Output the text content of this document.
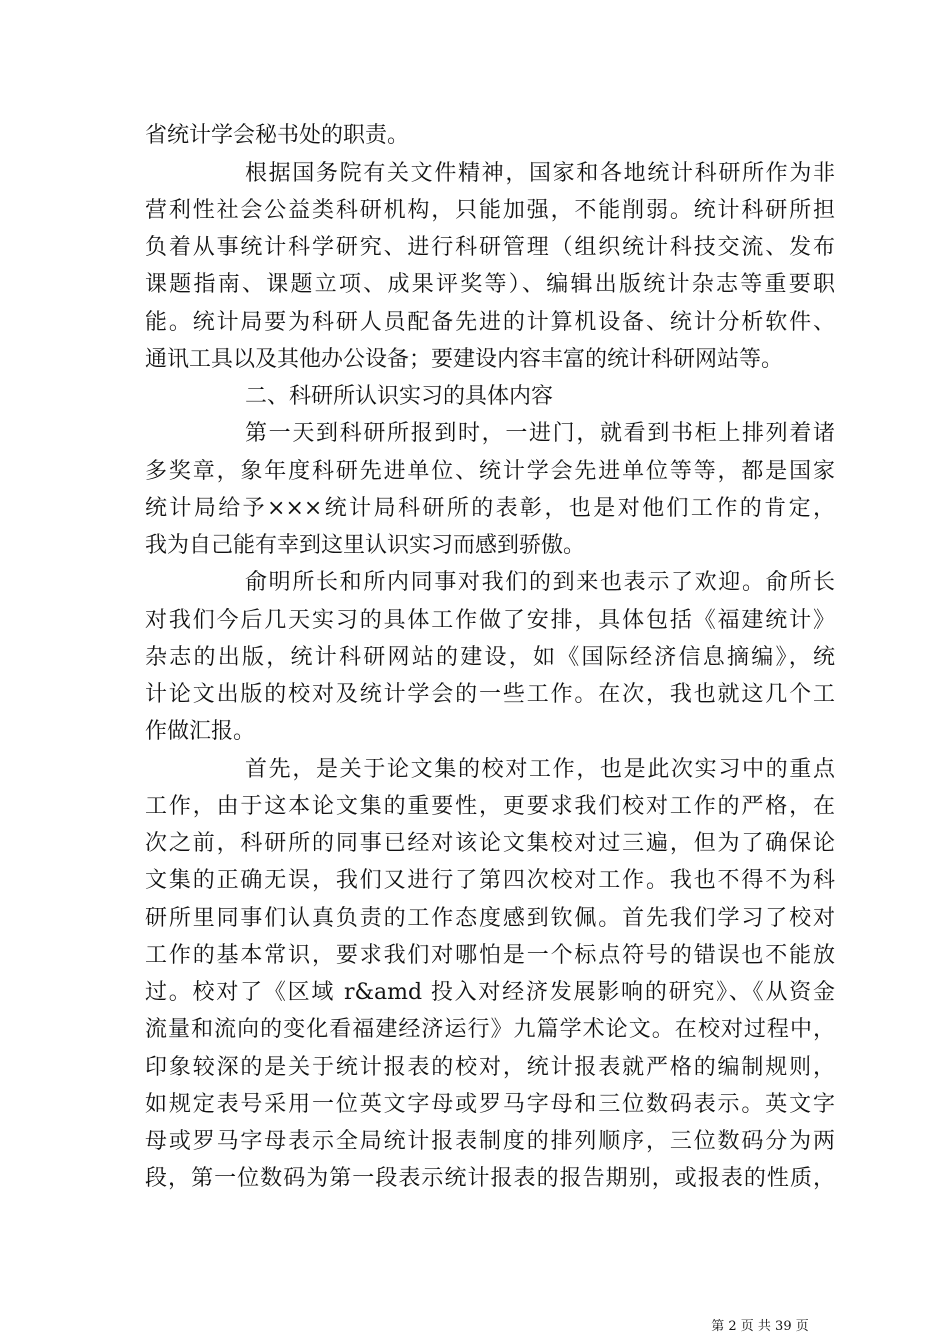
省统计学会秘书处的职责。
根据国务院有关文件精神，国家和各地统计科研所作为非
营利性社会公益类科研机构，只能加强，不能削弱。统计科研所担
负着从事统计科学研究、进行科研管理（组织统计科技交流、发布
课题指南、课题立项、成果评奖等）、编辑出版统计杂志等重要职
能。统计局要为科研人员配备先进的计算机设备、统计分析软件、
通讯工具以及其他办公设备；要建设内容丰富的统计科研网站等。
二、科研所认识实习的具体内容
第一天到科研所报到时，一进门，就看到书柜上排列着诸
多奖章，象年度科研先进单位、统计学会先进单位等等，都是国家
统计局给予×××统计局科研所的表彰，也是对他们工作的肯定，
我为自己能有幸到这里认识实习而感到骄傲。
俞明所长和所内同事对我们的到来也表示了欢迎。俞所长
对我们今后几天实习的具体工作做了安排，具体包括《福建统计》
杂志的出版，统计科研网站的建设，如《国际经济信息摘编》，统
计论文出版的校对及统计学会的一些工作。在次，我也就这几个工
作做汇报。
首先，是关于论文集的校对工作，也是此次实习中的重点
工作，由于这本论文集的重要性，更要求我们校对工作的严格，在
次之前，科研所的同事已经对该论文集校对过三遍，但为了确保论
文集的正确无误，我们又进行了第四次校对工作。我也不得不为科
研所里同事们认真负责的工作态度感到钦佩。首先我们学习了校对
工作的基本常识，要求我们对哪怕是一个标点符号的错误也不能放
过。校对了《区域 r&amd 投入对经济发展影响的研究》、《从资金
流量和流向的变化看福建经济运行》九篇学术论文。在校对过程中，
印象较深的是关于统计报表的校对，统计报表就严格的编制规则，
如规定表号采用一位英文字母或罗马字母和三位数码表示。英文字
母或罗马字母表示全局统计报表制度的排列顺序，三位数码分为两
段，第一位数码为第一段表示统计报表的报告期别，或报表的性质，
第 2 页 共 39 页
